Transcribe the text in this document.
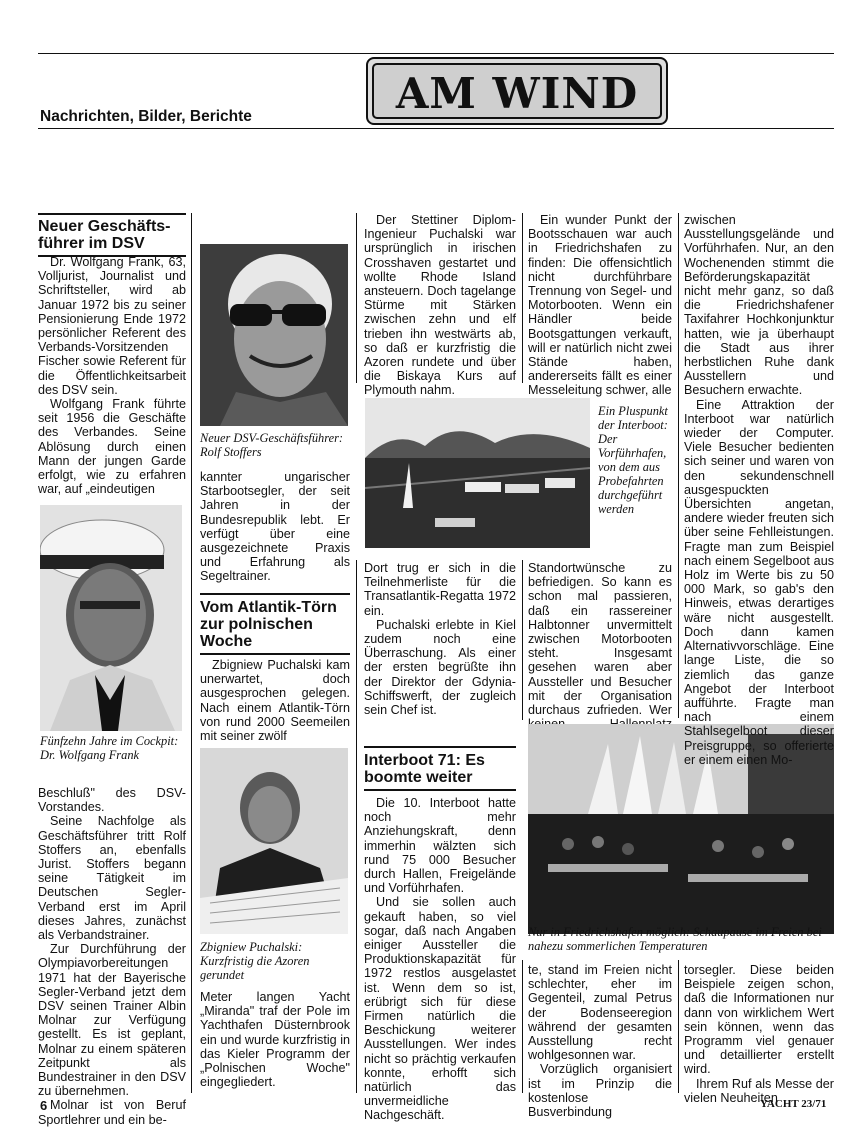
Nachrichten, Bilder, Berichte	AM WIND
Neuer Geschäfts-
führer im DSV

Dr. Wolfgang Frank, 63, Volljurist, Journalist und Schriftsteller, wird ab Januar 1972 bis zu seiner Pensionierung Ende 1972 persönlicher Referent des Verbands-Vorsitzenden Fischer sowie Referent für die Öffentlichkeitsarbeit des DSV sein.

Wolfgang Frank führte seit 1956 die Geschäfte des Verbandes. Seine Ablösung durch einen Mann der jungen Garde erfolgt, wie zu erfahren war, auf „eindeutigen

Fünfzehn Jahre im Cockpit: Dr. Wolfgang Frank

Beschluß" des DSV-Vorstandes.

Seine Nachfolge als Geschäftsführer tritt Rolf Stoffers an, ebenfalls Jurist. Stoffers begann seine Tätigkeit im Deutschen Segler-Verband erst im April dieses Jahres, zunächst als Verbandstrainer.

Zur Durchführung der Olympiavorbereitungen 1971 hat der Bayerische Segler-Verband jetzt dem DSV seinen Trainer Albin Molnar zur Verfügung gestellt. Es ist geplant, Molnar zu einem späteren Zeitpunkt als Bundestrainer in den DSV zu übernehmen.

Molnar ist von Beruf Sportlehrer und ein be-

Neuer DSV-Geschäftsführer: Rolf Stoffers

kannter ungarischer Starbootsegler, der seit Jahren in der Bundesrepublik lebt. Er verfügt über eine ausgezeichnete Praxis und Erfahrung als Segeltrainer.

Vom Atlantik-Törn zur polnischen Woche

Zbigniew Puchalski kam unerwartet, doch ausgesprochen gelegen. Nach einem Atlantik-Törn von rund 2000 Seemeilen mit seiner zwölf

Zbigniew Puchalski: Kurzfristig die Azoren gerundet

Meter langen Yacht „Miranda" traf der Pole im Yachthafen Düsternbrook ein und wurde kurzfristig in das Kieler Programm der „Polnischen Woche" eingegliedert.

Der Stettiner Diplom-Ingenieur Puchalski war ursprünglich in irischen Crosshaven gestartet und wollte Rhode Island ansteuern. Doch tagelange Stürme mit Stärken zwischen zehn und elf trieben ihn westwärts ab, so daß er kurzfristig die Azoren rundete und über die Biskaya Kurs auf Plymouth nahm.

Ein Pluspunkt der Interboot: Der Vorführhafen, von dem aus Probefahrten durchgeführt werden

Dort trug er sich in die Teilnehmerliste für die Transatlantik-Regatta 1972 ein.

Puchalski erlebte in Kiel zudem noch eine Überraschung. Als einer der ersten begrüßte ihn der Direktor der Gdynia-Schiffswerft, der zugleich sein Chef ist.

Interboot 71: Es boomte weiter

Die 10. Interboot hatte noch mehr Anziehungskraft, denn immerhin wälzten sich rund 75 000 Besucher durch Hallen, Freigelände und Vorführhafen.

Und sie sollen auch gekauft haben, so viel sogar, daß nach Angaben einiger Aussteller die Produktionskapazität für 1972 restlos ausgelastet ist. Wenn dem so ist, erübrigt sich für diese Firmen natürlich die Beschickung weiterer Ausstellungen. Wer indes nicht so prächtig verkaufen konnte, erhofft sich natürlich das unvermeidliche Nachgeschäft.

Ein wunder Punkt der Bootsschauen war auch in Friedrichshafen zu finden: Die offensichtlich nicht durchführbare Trennung von Segel- und Motorbooten. Wenn ein Händler beide Bootsgattungen verkauft, will er natürlich nicht zwei Stände haben, andererseits fällt es einer Messeleitung schwer, alle

Standortwünsche zu befriedigen. So kann es schon mal passieren, daß ein rassereiner Halbtonner unvermittelt zwischen Motorbooten steht. Insgesamt gesehen waren aber Aussteller und Besucher mit der Organisation durchaus zufrieden. Wer

Nur in Friedrichshafen möglich: Schaupause im Freien bei nahezu sommerlichen Temperaturen

te, stand im Freien nicht schlechter, eher im Gegenteil, zumal Petrus der Bodenseeregion während der gesamten Ausstellung recht wohlgesonnen war.

Vorzüglich organisiert ist im Prinzip die kostenlose Busverbindung

zwischen Ausstellungsgelände und Vorführhafen. Nur, an den Wochenenden stimmt die Beförderungskapazität nicht mehr ganz, so daß die Friedrichshafener Taxifahrer Hochkonjunktur hatten, wie ja überhaupt die Stadt aus ihrer herbstlichen Ruhe dank Ausstellern und Besuchern erwachte.

Eine Attraktion der Interboot war natürlich wieder der Computer. Viele Besucher bedienten sich seiner und waren von den sekundenschnell ausgespuckten Übersichten angetan, andere wieder freuten sich über seine Fehlleistungen. Fragte man zum Beispiel nach einem Segelboot aus Holz im Werte bis zu 50 000 Mark, so gab's den Hinweis, etwas derartiges wäre nicht ausgestellt. Doch dann kamen Alternativvorschläge. Eine lange Liste, die so ziemlich das ganze Angebot der Interboot aufführte. Fragte man nach einem Stahlsegelboot dieser Preisgruppe, so offerierte er einem einen Mo-

torsegler. Diese beiden Beispiele zeigen schon, daß die Informationen nur dann von wirklichem Wert sein können, wenn das Programm viel genauer und detaillierter erstellt wird.

Ihrem Ruf als Messe der vielen Neuheiten

6	YACHT 23/71
